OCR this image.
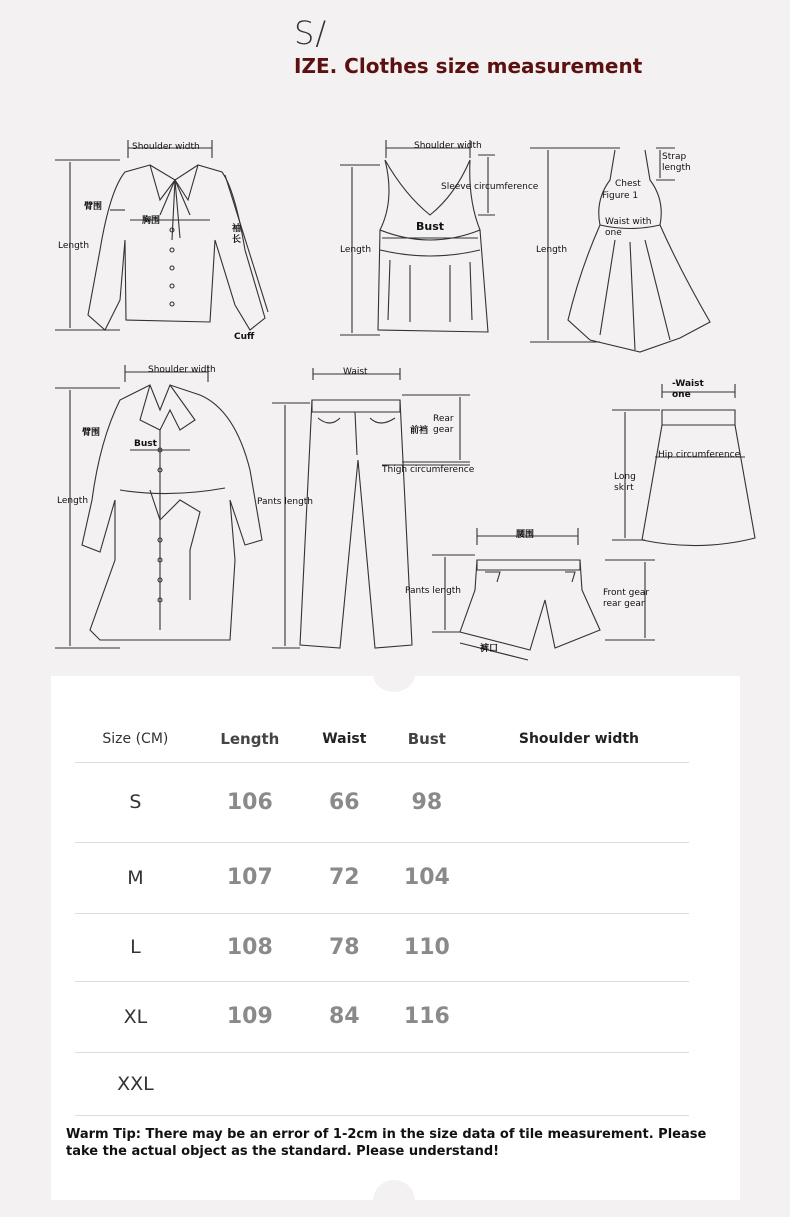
S/
IZE. Clothes size measurement
Shoulder width
臂围
胸围
Length
袖长
Cuff
Shoulder width
Sleeve circumference
Bust
Length
Strap length
Chest
Figure 1
Waist with one
Length
Shoulder width
臂围
Bust
Length
Waist
Rear gear
前裆
Thigh circumference
Pants length
-Waist one
Hip circumference
Long skirt
腰围
Pants length	Front gear rear gear
裤口
Size (CM)	Length	Waist	Bust	Shoulder width
S	106	66	98	
M	107	72	104	
L	108	78	110	
XL	109	84	116	
XXL				
Warm Tip: There may be an error of 1-2cm in the size data of tile measurement. Please take the actual object as the standard. Please understand!
